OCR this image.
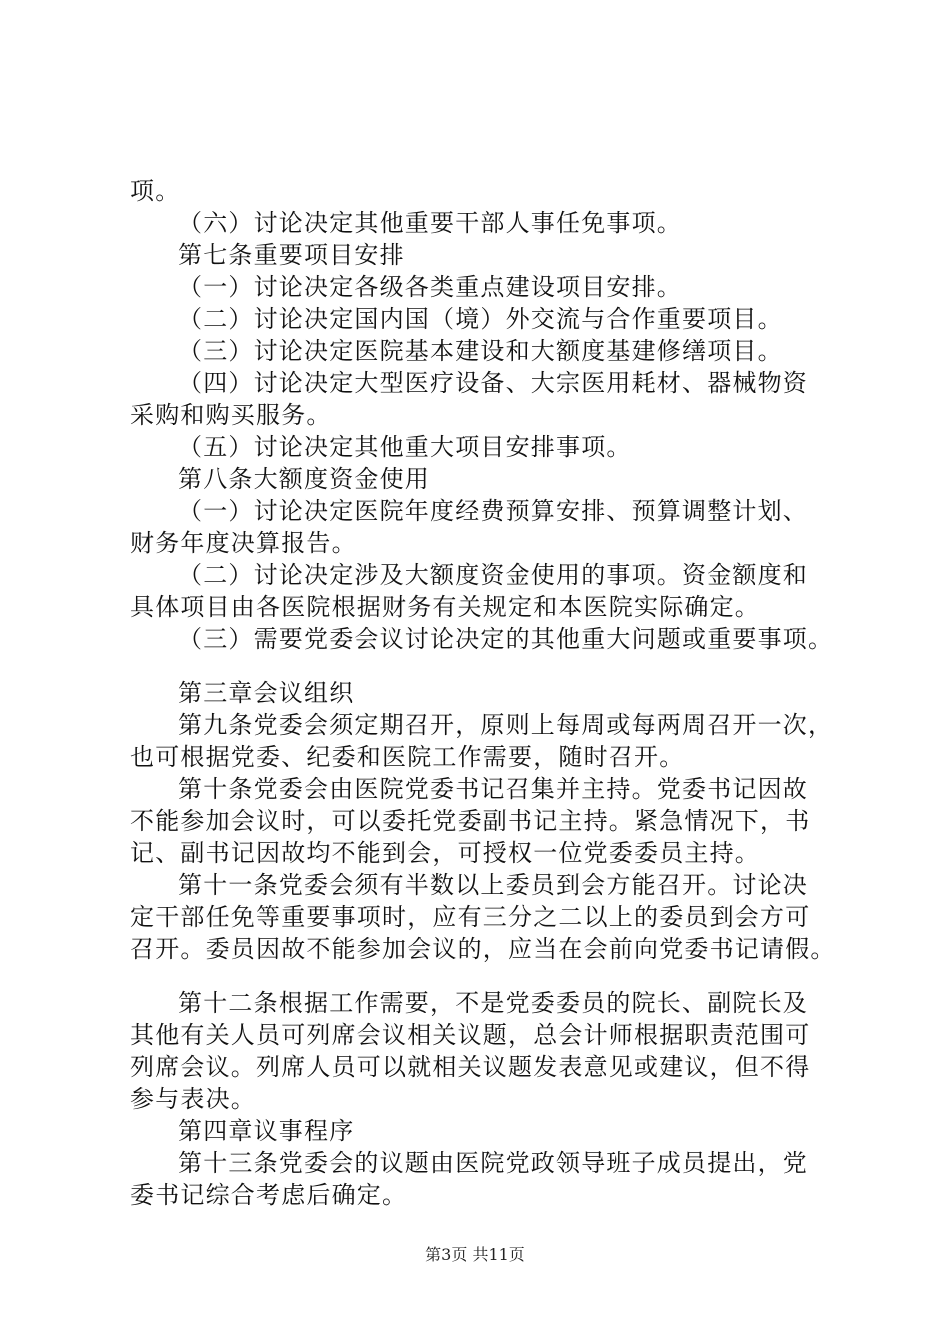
项。
（六）讨论决定其他重要干部人事任免事项。
第七条重要项目安排
（一）讨论决定各级各类重点建设项目安排。
（二）讨论决定国内国（境）外交流与合作重要项目。
（三）讨论决定医院基本建设和大额度基建修缮项目。
（四）讨论决定大型医疗设备、大宗医用耗材、器械物资
采购和购买服务。
（五）讨论决定其他重大项目安排事项。
第八条大额度资金使用
（一）讨论决定医院年度经费预算安排、预算调整计划、
财务年度决算报告。
（二）讨论决定涉及大额度资金使用的事项。资金额度和
具体项目由各医院根据财务有关规定和本医院实际确定。
（三）需要党委会议讨论决定的其他重大问题或重要事项。
第三章会议组织
第九条党委会须定期召开，原则上每周或每两周召开一次，
也可根据党委、纪委和医院工作需要，随时召开。
第十条党委会由医院党委书记召集并主持。党委书记因故
不能参加会议时，可以委托党委副书记主持。紧急情况下，书
记、副书记因故均不能到会，可授权一位党委委员主持。
第十一条党委会须有半数以上委员到会方能召开。讨论决
定干部任免等重要事项时，应有三分之二以上的委员到会方可
召开。委员因故不能参加会议的，应当在会前向党委书记请假。
第十二条根据工作需要，不是党委委员的院长、副院长及
其他有关人员可列席会议相关议题，总会计师根据职责范围可
列席会议。列席人员可以就相关议题发表意见或建议，但不得
参与表决。
第四章议事程序
第十三条党委会的议题由医院党政领导班子成员提出，党
委书记综合考虑后确定。
第3页 共11页
